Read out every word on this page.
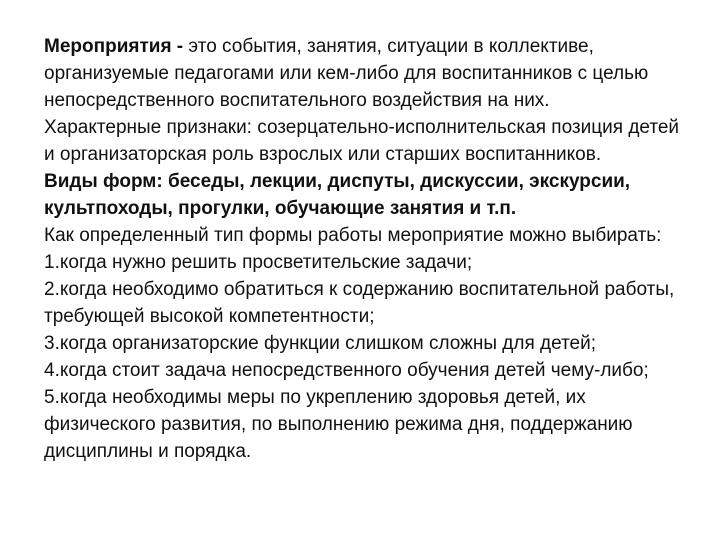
Мероприятия - это события, занятия, ситуации в коллективе, организуемые педагогами или кем-либо для воспитанников с целью непосредственного воспитательного воздействия на них.

Характерные признаки: созерцательно-исполнительская позиция детей и организаторская роль взрослых или старших воспитанников.

Виды форм: беседы, лекции, диспуты, дискуссии, экскурсии, культпоходы, прогулки, обучающие занятия и т.п.

Как определенный тип формы работы мероприятие можно выбирать:

1.когда нужно решить просветительские задачи;
2.когда необходимо обратиться к содержанию воспитательной работы, требующей высокой компетентности;
3.когда организаторские функции слишком сложны для детей;
4.когда стоит задача непосредственного обучения детей чему-либо;
5.когда необходимы меры по укреплению здоровья детей, их физического развития, по выполнению режима дня, поддержанию дисциплины и порядка.
